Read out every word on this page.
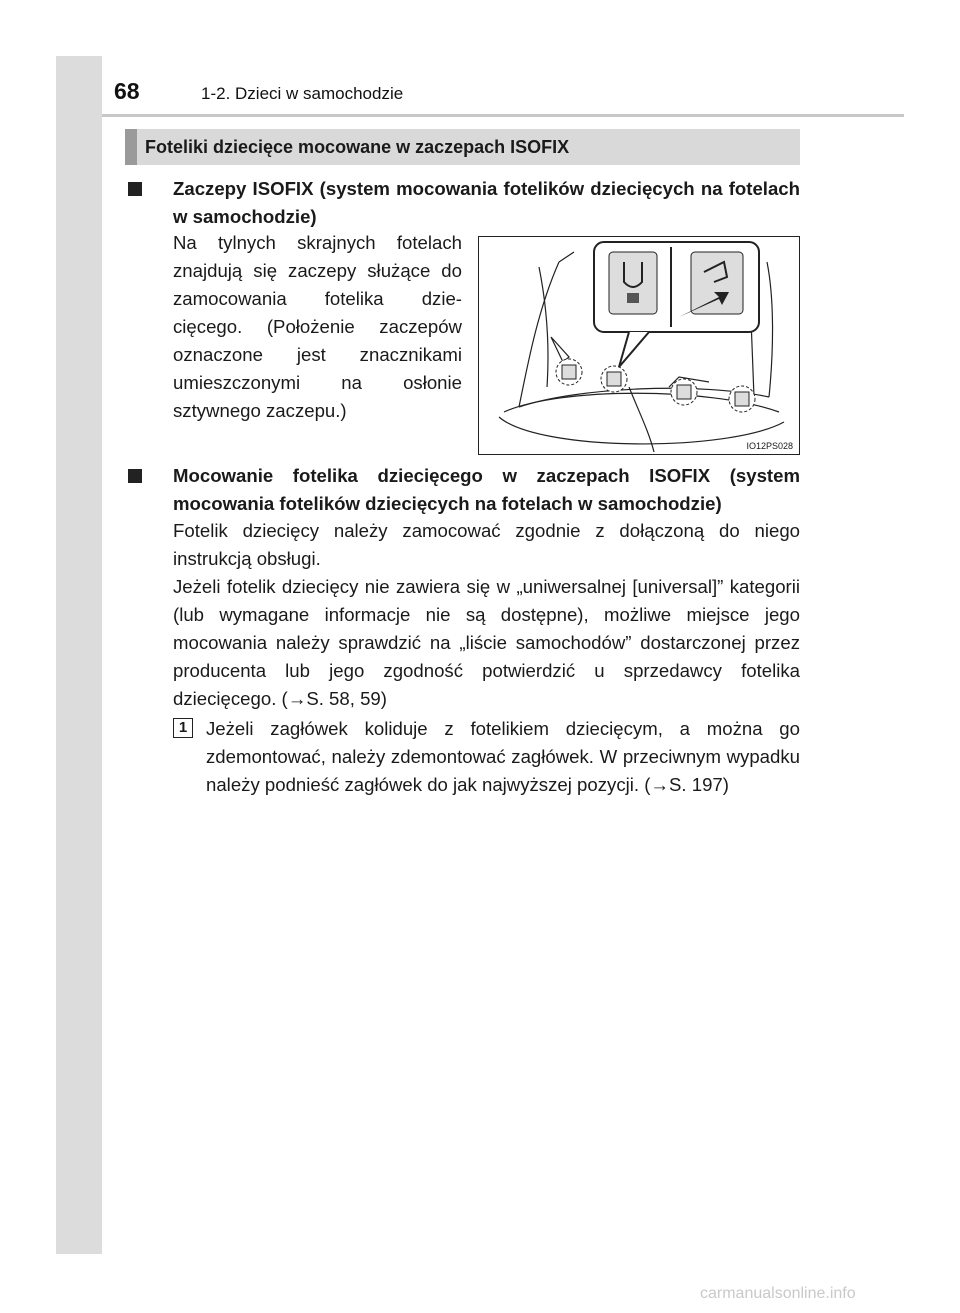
68	1-2. Dzieci w samochodzie
Foteliki dziecięce mocowane w zaczepach ISOFIX
Zaczepy ISOFIX (system mocowania fotelików dziecięcych na fotelach w samochodzie)
Na tylnych skrajnych fotelach znajdują się zaczepy służące do zamocowania fotelika dzie-cięcego. (Położenie zaczepów oznaczone jest znacznikami umieszczonymi na osłonie sztywnego zaczepu.)
IO12PS028
Mocowanie fotelika dziecięcego w zaczepach ISOFIX (system mocowania fotelików dziecięcych na fotelach w samochodzie)
Fotelik dziecięcy należy zamocować zgodnie z dołączoną do niego instrukcją obsługi.
Jeżeli fotelik dziecięcy nie zawiera się w „uniwersalnej [universal]” kategorii (lub wymagane informacje nie są dostępne), możliwe miejsce jego mocowania należy sprawdzić na „liście samochodów” dostarczonej przez producenta lub jego zgodność potwierdzić u sprzedawcy fotelika dziecięcego. (→S. 58, 59)
1	Jeżeli zagłówek koliduje z fotelikiem dziecięcym, a można go zdemontować, należy zdemontować zagłówek. W przeciwnym wypadku należy podnieść zagłówek do jak najwyższej pozycji. (→S. 197)
carmanualsonline.info
